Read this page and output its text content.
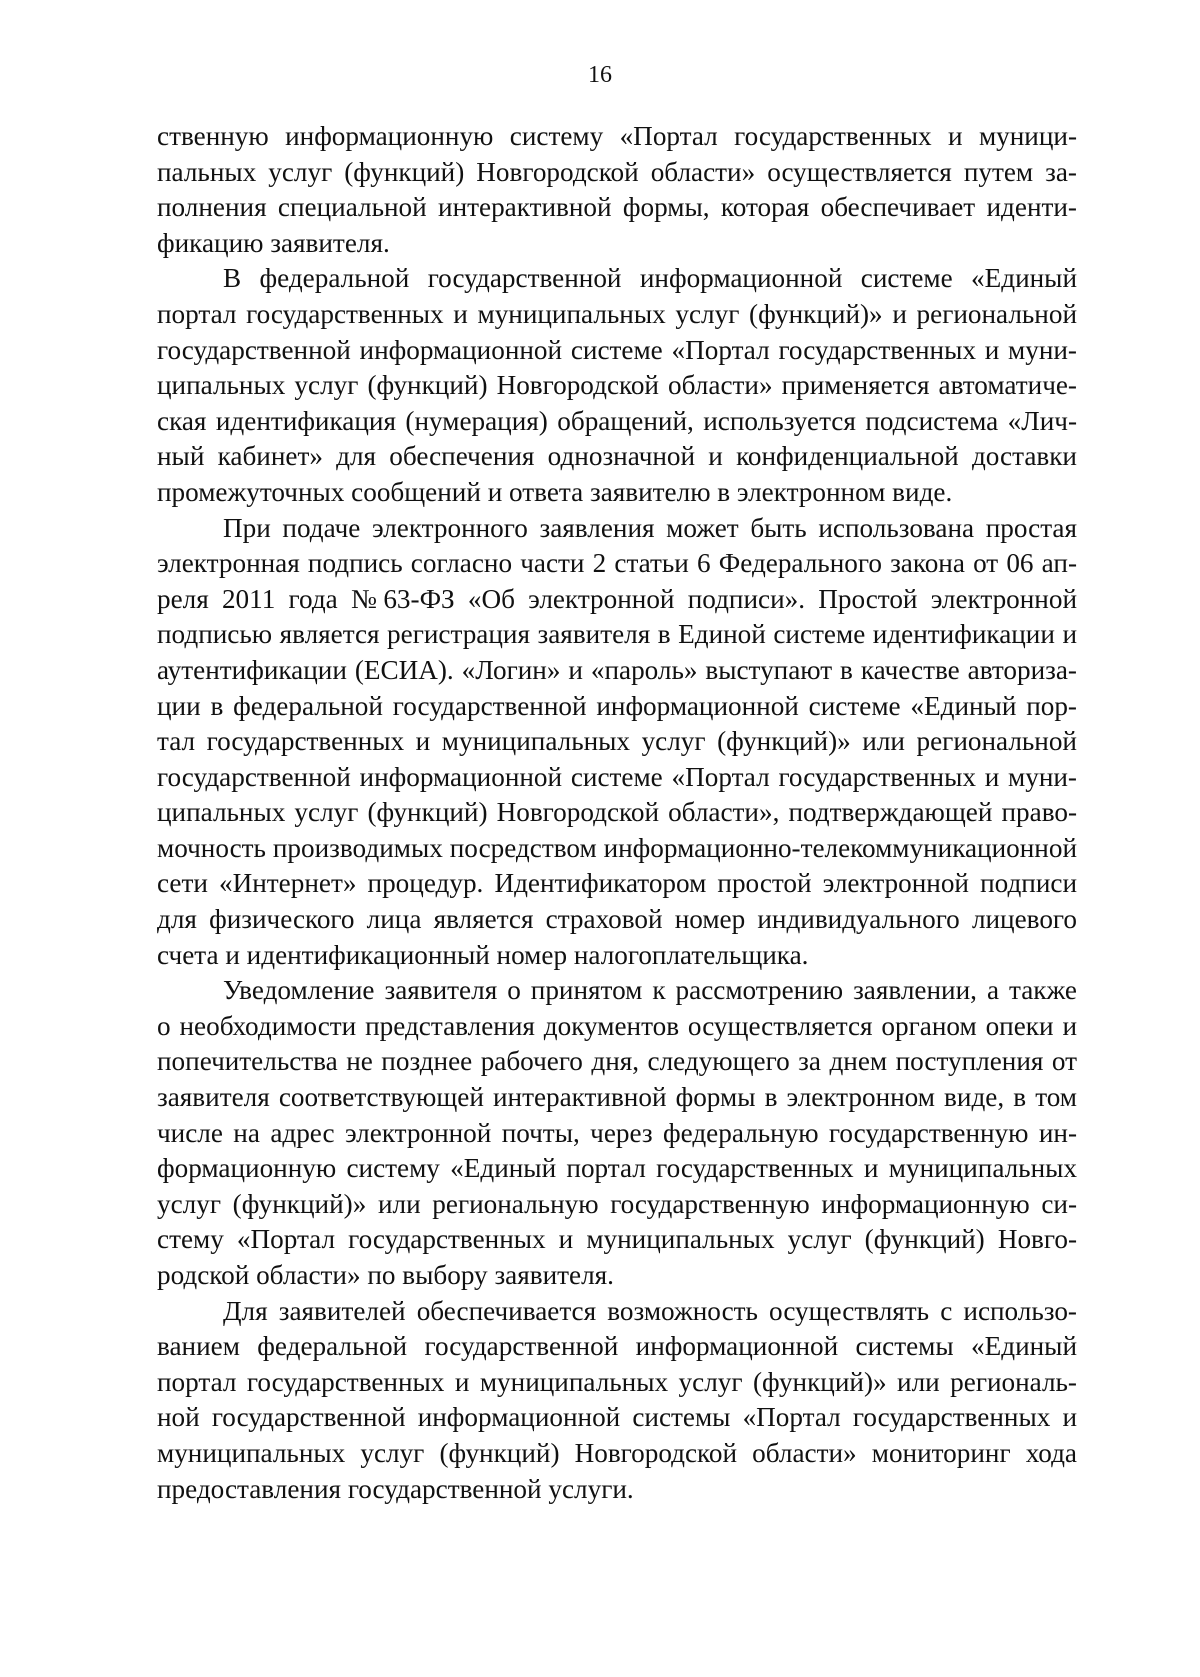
16
ственную информационную систему «Портал государственных и муници-
пальных услуг (функций) Новгородской области» осуществляется путем за-
полнения специальной интерактивной формы, которая обеспечивает иденти-
фикацию заявителя.
В федеральной государственной информационной системе «Единый
портал государственных и муниципальных услуг (функций)» и региональной
государственной информационной системе «Портал государственных и муни-
ципальных услуг (функций) Новгородской области» применяется автоматиче-
ская идентификация (нумерация) обращений, используется подсистема «Лич-
ный кабинет» для обеспечения однозначной и конфиденциальной доставки
промежуточных сообщений и ответа заявителю в электронном виде.
При подаче электронного заявления может быть использована простая
электронная подпись согласно части 2 статьи 6 Федерального закона от 06 ап-
реля 2011 года №63-ФЗ «Об электронной подписи». Простой электронной
подписью является регистрация заявителя в Единой системе идентификации и
аутентификации (ЕСИА). «Логин» и «пароль» выступают в качестве авториза-
ции в федеральной государственной информационной системе «Единый пор-
тал государственных и муниципальных услуг (функций)» или региональной
государственной информационной системе «Портал государственных и муни-
ципальных услуг (функций) Новгородской области», подтверждающей право-
мочность производимых посредством информационно-телекоммуникационной
сети «Интернет» процедур. Идентификатором простой электронной подписи
для физического лица является страховой номер индивидуального лицевого
счета и идентификационный номер налогоплательщика.
Уведомление заявителя о принятом к рассмотрению заявлении, а также
о необходимости представления документов осуществляется органом опеки и
попечительства не позднее рабочего дня, следующего за днем поступления от
заявителя соответствующей интерактивной формы в электронном виде, в том
числе на адрес электронной почты, через федеральную государственную ин-
формационную систему «Единый портал государственных и муниципальных
услуг (функций)» или региональную государственную информационную си-
стему «Портал государственных и муниципальных услуг (функций) Новго-
родской области» по выбору заявителя.
Для заявителей обеспечивается возможность осуществлять с использо-
ванием федеральной государственной информационной системы «Единый
портал государственных и муниципальных услуг (функций)» или региональ-
ной государственной информационной системы «Портал государственных и
муниципальных услуг (функций) Новгородской области» мониторинг хода
предоставления государственной услуги.
